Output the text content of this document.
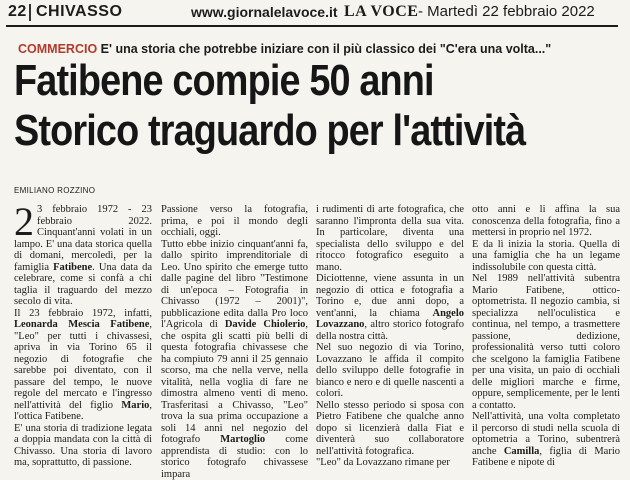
22 CHIVASSO	www.giornalelavoce.it LA VOCE - Martedì 22 febbraio 2022
COMMERCIO E' una storia che potrebbe iniziare con il più classico dei "C'era una volta..."
Fatibene compie 50 anni
Storico traguardo per l'attività
EMILIANO ROZZINO

2 3 febbraio 1972 - 23 febbraio 2022. Cinquant'anni volati in un lampo. E' una data storica quella di domani, mercoledì, per la famiglia Fatibene. Una data da celebrare, come si confà a chi taglia il traguardo del mezzo secolo di vita.

Il 23 febbraio 1972, infatti, Leonarda Mescia Fatibene, "Leo" per tutti i chivassesi, apriva in via Torino 65 il negozio di fotografie che sarebbe poi diventato, con il passare del tempo, le nuove regole del mercato e l'ingresso nell'attività del figlio Mario, l'ottica Fatibene.

E' una storia di tradizione legata a doppia mandata con la città di Chivasso. Una storia di lavoro ma, soprattutto, di passione.

Passione verso la fotografia, prima, e poi il mondo degli occhiali, oggi.

Tutto ebbe inizio cinquant'anni fa, dallo spirito imprenditoriale di Leo. Uno spirito che emerge tutto dalle pagine del libro "Testimone di un'epoca – Fotografia in Chivasso (1972 – 2001)", pubblicazione edita dalla Pro loco l'Agricola di Davide Chiolerio, che ospita gli scatti più belli di questa fotografia chivassese che ha compiuto 79 anni il 25 gennaio scorso, ma che nella verve, nella vitalità, nella voglia di fare ne dimostra almeno venti di meno. Trasferitasi a Chivasso, "Leo" trova la sua prima occupazione a soli 14 anni nel negozio del fotografo Martoglio come apprendista di studio: con lo storico fotografo chivassese impara

i rudimenti di arte fotografica, che saranno l'impronta della sua vita. In particolare, diventa una specialista dello sviluppo e del ritocco fotografico eseguito a mano.

Diciottenne, viene assunta in un negozio di ottica e fotografia a Torino e, due anni dopo, a vent'anni, la chiama Angelo Lovazzano, altro storico fotografo della nostra città.

Nel suo negozio di via Torino, Lovazzano le affida il compito dello sviluppo delle fotografie in bianco e nero e di quelle nascenti a colori.

Nello stesso periodo si sposa con Pietro Fatibene che qualche anno dopo si licenzierà dalla Fiat e diventerà suo collaboratore nell'attività fotografica.

"Leo" da Lovazzano rimane per

otto anni e li affina la sua conoscenza della fotografia, fino a mettersi in proprio nel 1972.

E da lì inizia la storia. Quella di una famiglia che ha un legame indissolubile con questa città.

Nel 1989 nell'attività subentra Mario Fatibene, ottico-optometrista. Il negozio cambia, si specializza nell'oculistica e continua, nel tempo, a trasmettere passione, dedizione, professionalità verso tutti coloro che scelgono la famiglia Fatibene per una visita, un paio di occhiali delle migliori marche e firme, oppure, semplicemente, per le lenti a contatto.

Nell'attività, una volta completato il percorso di studi nella scuola di optometria a Torino, subentrerà anche Camilla, figlia di Mario Fatibene e nipote di
